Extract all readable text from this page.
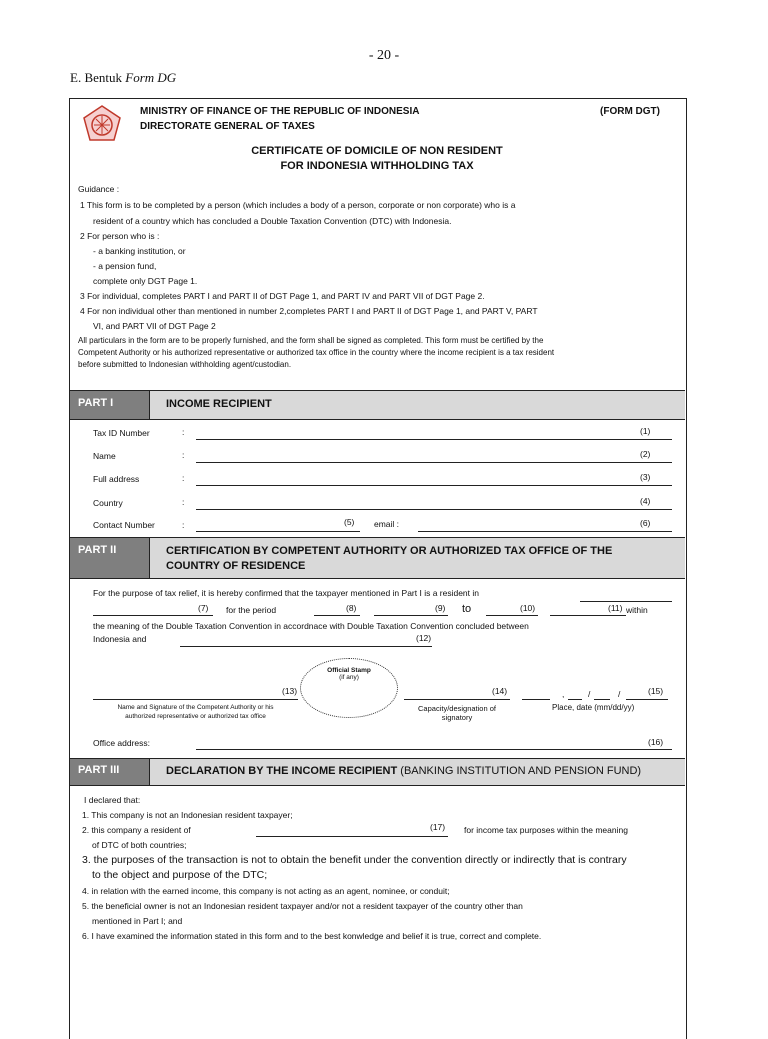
- 20 -
E. Bentuk Form DG
MINISTRY OF FINANCE OF THE REPUBLIC OF INDONESIA
DIRECTORATE GENERAL OF TAXES
(FORM DGT)
CERTIFICATE OF DOMICILE OF NON RESIDENT
FOR INDONESIA WITHHOLDING TAX
Guidance :
1 This form is to be completed by a person (which includes a body of a person, corporate or non corporate) who is a
resident of a country which has concluded a Double Taxation Convention (DTC) with Indonesia.
2 For person who is :
- a banking institution, or
- a pension fund,
complete only DGT Page 1.
3 For individual, completes PART I and PART II of DGT Page 1, and PART IV and PART VII of DGT Page 2.
4 For non individual other than mentioned in number 2,completes PART I and PART II of DGT Page 1, and PART V, PART
VI, and PART VII of DGT Page 2
All particulars in the form are to be properly furnished, and the form shall be signed as completed. This form must be certified by the
Competent Authority or his authorized representative or authorized tax office in the country where the income recipient is a tax resident
before submitted to Indonesian withholding agent/custodian.
PART I	INCOME RECIPIENT
Tax ID Number	:	(1)
Name	:	(2)
Full address	:	(3)
Country	:	(4)
Contact Number	:	(5) email :	(6)
PART II	CERTIFICATION BY COMPETENT AUTHORITY OR AUTHORIZED TAX OFFICE OF THE
COUNTRY OF RESIDENCE
For the purpose of tax relief, it is hereby confirmed that the taxpayer mentioned in Part I is a resident in
(7) for the period	(8)	(9) to	(10)	(11) within
the meaning of the Double Taxation Convention in accordnace with Double Taxation Convention concluded between
Indonesia and	(12)
Official Stamp
(if any)
(13)
Name and Signature of the Competent Authority or his
authorized representative or authorized tax office
(14)
Capacity/designation of
signatory
,	/	/	(15)
Place, date (mm/dd/yy)
Office address:	(16)
PART III	DECLARATION BY THE INCOME RECIPIENT (BANKING INSTITUTION AND PENSION FUND)
I declared that:
1. This company is not an Indonesian resident taxpayer;
2. this company a resident of	(17) for income tax purposes within the meaning
of DTC of both countries;
3. the purposes of the transaction is not to obtain the benefit under the convention directly or indirectly that is contrary
to the object and purpose of the DTC;
4. in relation with the earned income, this company is not acting as an agent, nominee, or conduit;
5. the beneficial owner is not an Indonesian resident taxpayer and/or not a resident taxpayer of the country other than
mentioned in Part I; and
6. I have examined the information stated in this form and to the best konwledge and belief it is true, correct and complete.
